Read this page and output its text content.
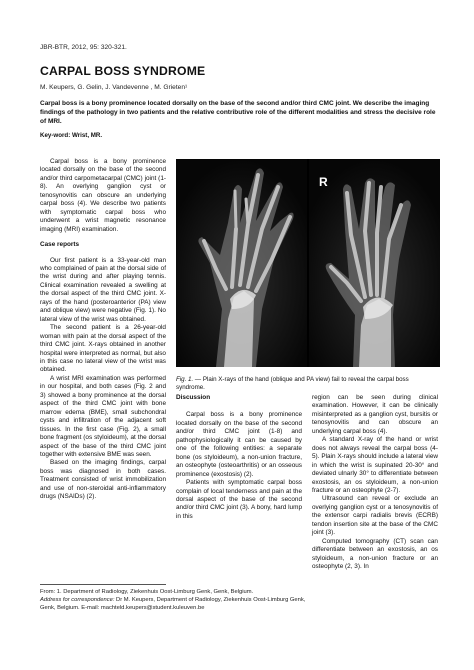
JBR-BTR, 2012, 95: 320-321.
CARPAL BOSS SYNDROME
M. Keupers, G. Gelin, J. Vandevenne , M. Grieten¹
Carpal boss is a bony prominence located dorsally on the base of the second and/or third CMC joint. We describe the imaging findings of the pathology in two patients and the relative contributive role of the different modalities and stress the decisive role of MRI.
Key-word: Wrist, MR.

Carpal boss is a bony prominence located dorsally on the base of the second and/or third carpometacarpal (CMC) joint (1-8). An overlying ganglion cyst or tenosynovitis can obscure an underlying carpal boss (4). We describe two patients with symptomatic carpal boss who underwent a wrist magnetic resonance imaging (MRI) examination.

Case reports

Our first patient is a 33-year-old man who complained of pain at the dorsal side of the wrist during and after playing tennis. Clinical examination revealed a swelling at the dorsal aspect of the third CMC joint. X-rays of the hand (posteroanterior (PA) view and oblique view) were negative (Fig. 1). No lateral view of the wrist was obtained.

The second patient is a 26-year-old woman with pain at the dorsal aspect of the third CMC joint. X-rays obtained in another hospital were interpreted as normal, but also in this case no lateral view of the wrist was obtained.

A wrist MRI examination was performed in our hospital, and both cases (Fig. 2 and 3) showed a bony prominence at the dorsal aspect of the third CMC joint with bone marrow edema (BME), small subchondral cysts and infiltration of the adjacent soft tissues. In the first case (Fig. 2), a small bone fragment (os styloideum), at the dorsal aspect of the base of the third CMC joint together with extensive BME was seen.

Based on the imaging findings, carpal boss was diagnosed in both cases. Treatment consisted of wrist immobilization and use of non-steroidal anti-inflammatory drugs (NSAIDs) (2).

R
Fig. 1. — Plain X-rays of the hand (oblique and PA view) fail to reveal the carpal boss syndrome.
Discussion

Carpal boss is a bony prominence located dorsally on the base of the second and/or third CMC joint (1-8) and pathophysiologically it can be caused by one of the following entities: a separate bone (os styloideum), a non-union fracture, an osteophyte (osteoarthritis) or an osseous prominence (exostosis) (2).

Patients with symptomatic carpal boss complain of local tenderness and pain at the dorsal aspect of the base of the second and/or third CMC joint (3). A bony, hard lump in this

region can be seen during clinical examination. However, it can be clinically misinterpreted as a ganglion cyst, bursitis or tenosynovitis and can obscure an underlying carpal boss (4).

A standard X-ray of the hand or wrist does not always reveal the carpal boss (4-5). Plain X-rays should include a lateral view in which the wrist is supinated 20-30° and deviated ulnarly 30° to differentiate between exostosis, an os styloideum, a non-union fracture or an osteophyte (2-7).

Ultrasound can reveal or exclude an overlying ganglion cyst or a tenosynovitis of the extensor carpi radialis brevis (ECRB) tendon insertion site at the base of the CMC joint (3).

Computed tomography (CT) scan can differentiate between an exostosis, an os styloideum, a non-union fracture or an osteophyte (2, 3). In

From: 1. Department of Radiology, Ziekenhuis Oost-Limburg Genk, Genk, Belgium.
Address for correspondence: Dr M. Keupers, Department of Radiology, Ziekenhuis Oost-Limburg Genk, Genk, Belgium. E-mail: machteld.keupers@student.kuleuven.be
